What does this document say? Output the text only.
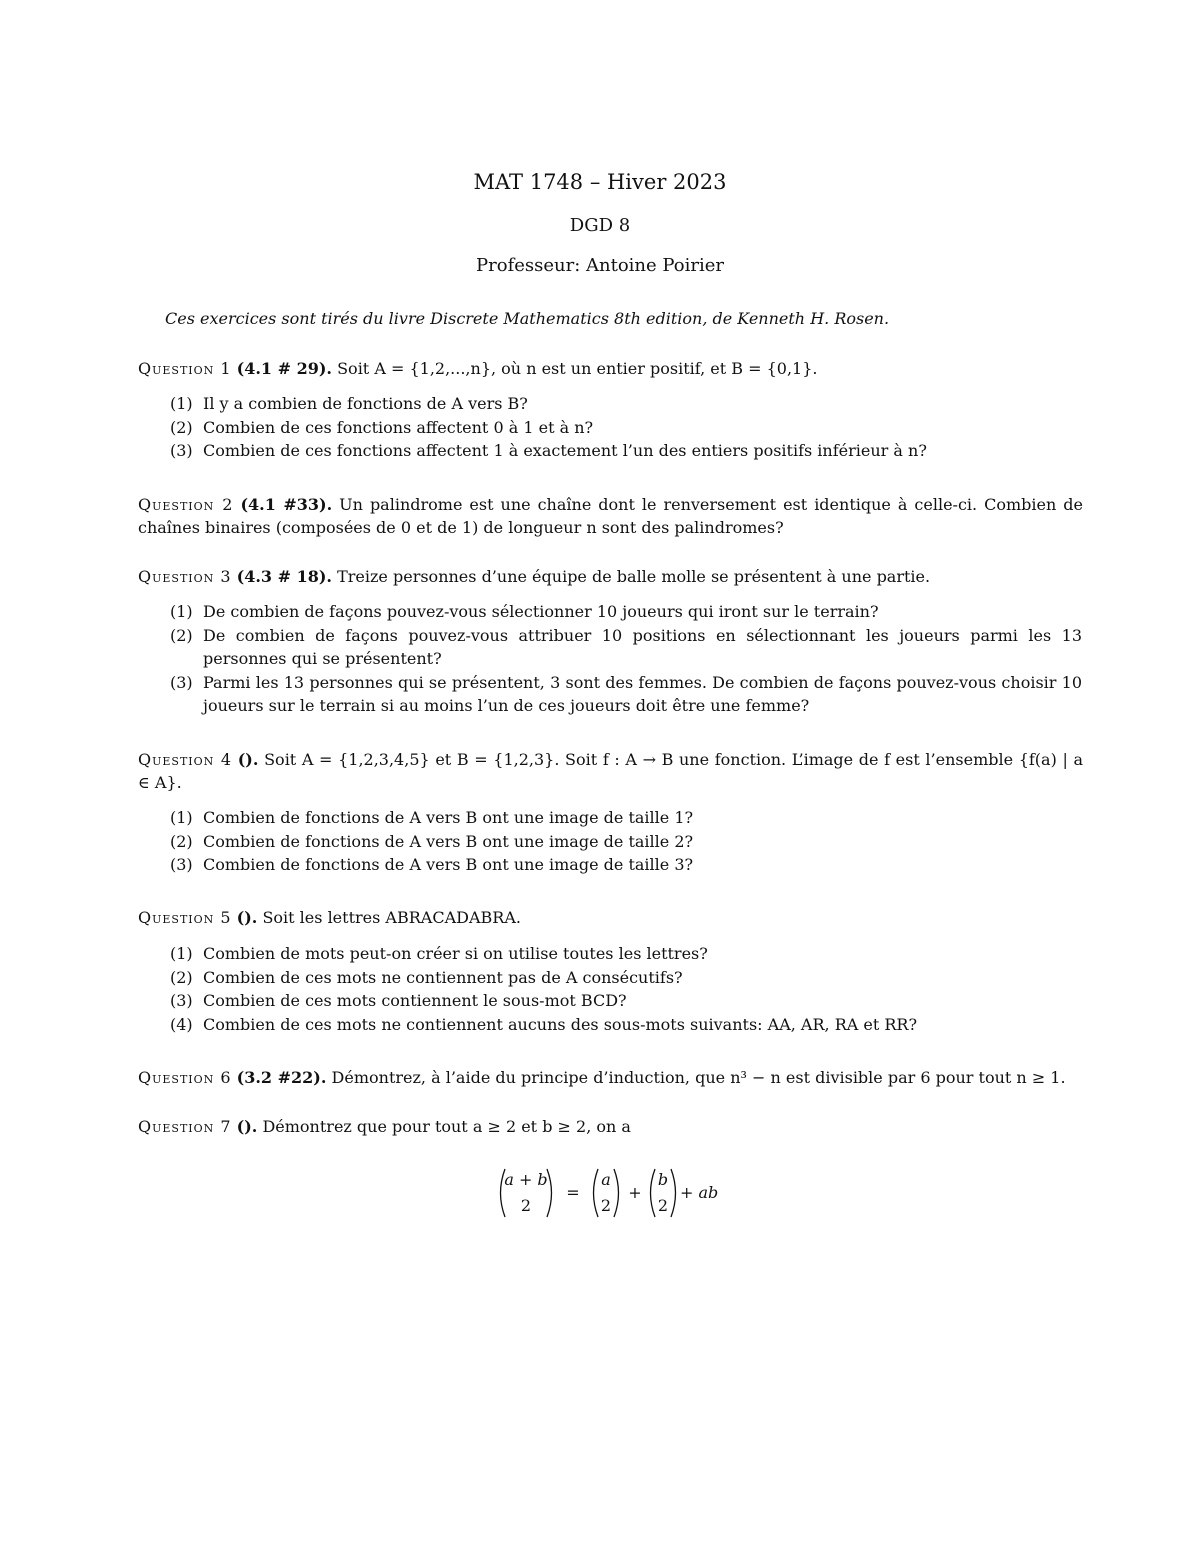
MAT 1748 – Hiver 2023
DGD 8
Professeur: Antoine Poirier
Ces exercices sont tirés du livre Discrete Mathematics 8th edition, de Kenneth H. Rosen.
Question 1 (4.1 # 29). Soit A = {1,2,...,n}, où n est un entier positif, et B = {0,1}.
(1) Il y a combien de fonctions de A vers B?
(2) Combien de ces fonctions affectent 0 à 1 et à n?
(3) Combien de ces fonctions affectent 1 à exactement l’un des entiers positifs inférieur à n?
Question 2 (4.1 #33). Un palindrome est une chaîne dont le renversement est identique à celle-ci. Combien de chaînes binaires (composées de 0 et de 1) de longueur n sont des palindromes?
Question 3 (4.3 # 18). Treize personnes d’une équipe de balle molle se présentent à une partie.
(1) De combien de façons pouvez-vous sélectionner 10 joueurs qui iront sur le terrain?
(2) De combien de façons pouvez-vous attribuer 10 positions en sélectionnant les joueurs parmi les 13 personnes qui se présentent?
(3) Parmi les 13 personnes qui se présentent, 3 sont des femmes. De combien de façons pouvez-vous choisir 10 joueurs sur le terrain si au moins l’un de ces joueurs doit être une femme?
Question 4 (). Soit A = {1,2,3,4,5} et B = {1,2,3}. Soit f : A → B une fonction. L’image de f est l’ensemble {f(a) | a ∈ A}.
(1) Combien de fonctions de A vers B ont une image de taille 1?
(2) Combien de fonctions de A vers B ont une image de taille 2?
(3) Combien de fonctions de A vers B ont une image de taille 3?
Question 5 (). Soit les lettres ABRACADABRA.
(1) Combien de mots peut-on créer si on utilise toutes les lettres?
(2) Combien de ces mots ne contiennent pas de A consécutifs?
(3) Combien de ces mots contiennent le sous-mot BCD?
(4) Combien de ces mots ne contiennent aucuns des sous-mots suivants: AA, AR, RA et RR?
Question 6 (3.2 #22). Démontrez, à l’aide du principe d’induction, que n³ − n est divisible par 6 pour tout n ≥ 1.
Question 7 (). Démontrez que pour tout a ≥ 2 et b ≥ 2, on a
a + b
2
=
a
2
+
b
2
+ ab
